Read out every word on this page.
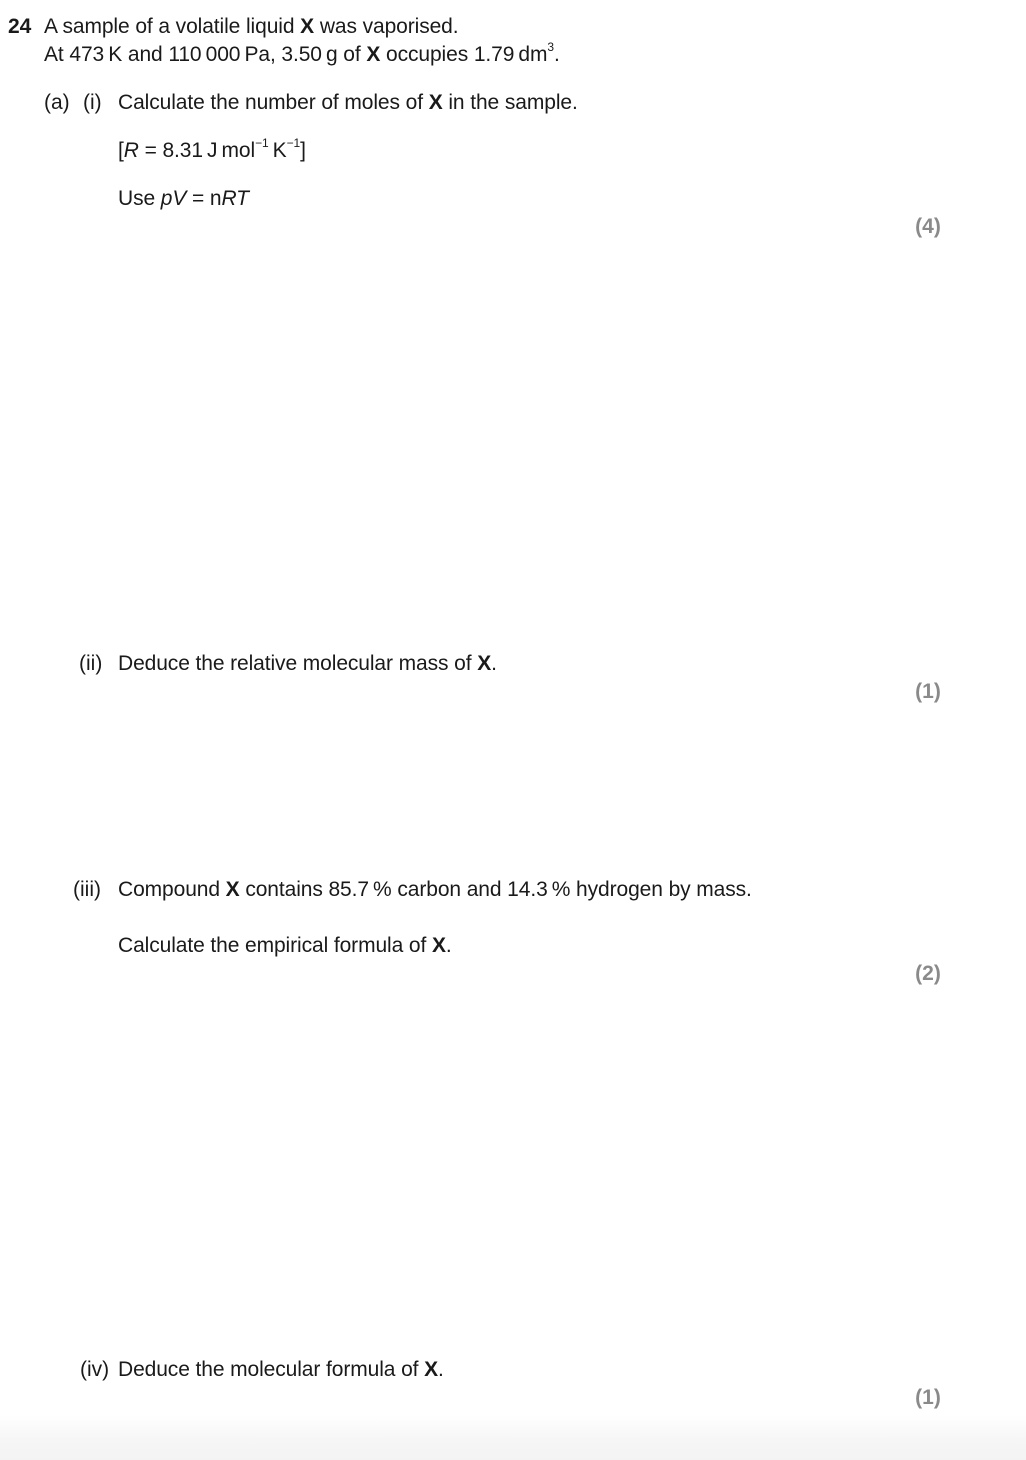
24 A sample of a volatile liquid X was vaporised.
At 473 K and 110 000 Pa, 3.50 g of X occupies 1.79 $dm^3$.
(a) (i) Calculate the number of moles of X in the sample.
[R = 8.31 J mol$^{-1}$ $K^{-1}$]
Use pV = nRT
(4)
(ii) Deduce the relative molecular mass of X.
(1)
(iii) Compound X contains 85.7 % carbon and 14.3 % hydrogen by mass.
Calculate the empirical formula of X.
(2)
(iv) Deduce the molecular formula of X.
(1)
